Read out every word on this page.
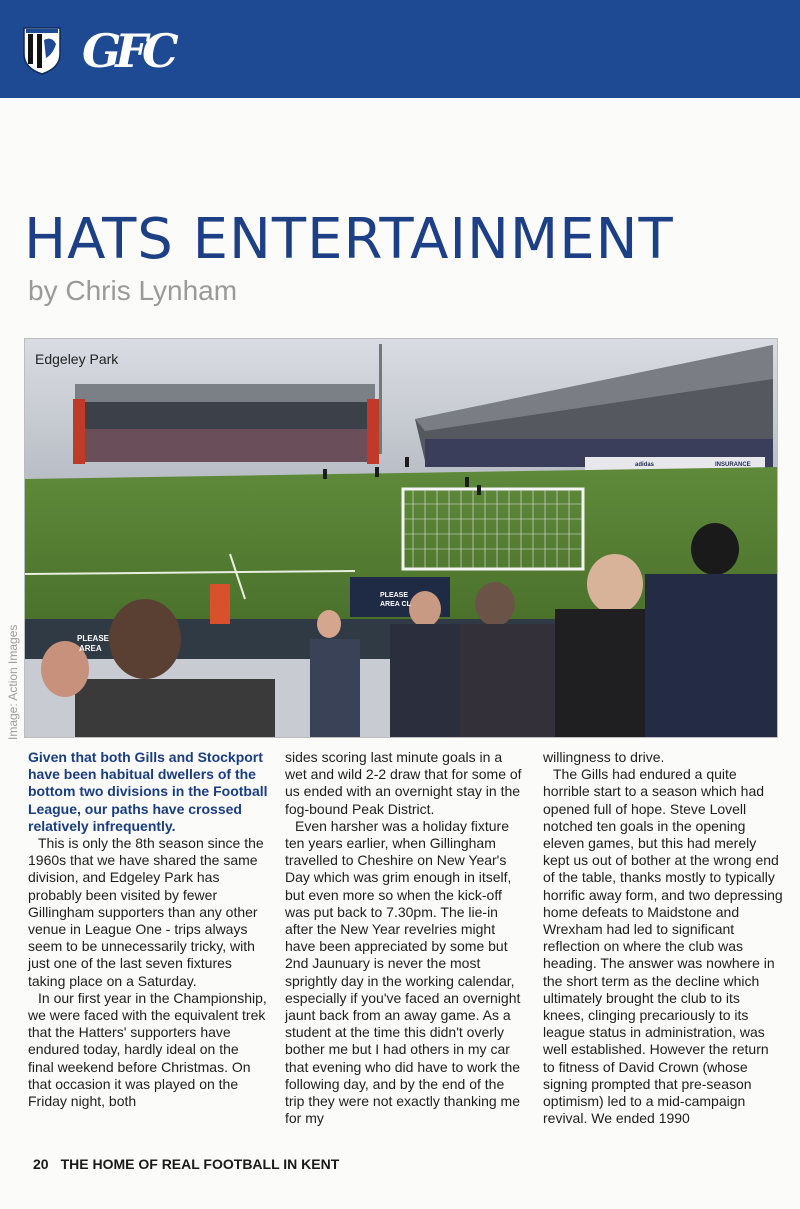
GFC
HATS ENTERTAINMENT
by Chris Lynham
PLEASE
AREA
PLEASE
AREA CL
INSURANCE
adidas
Edgeley Park
Image: Action Images

Given that both Gills and Stockport have been habitual dwellers of the bottom two divisions in the Football League, our paths have crossed relatively infrequently.

This is only the 8th season since the 1960s that we have shared the same division, and Edgeley Park has probably been visited by fewer Gillingham supporters than any other venue in League One - trips always seem to be unnecessarily tricky, with just one of the last seven fixtures taking place on a Saturday.

In our first year in the Championship, we were faced with the equivalent trek that the Hatters' supporters have endured today, hardly ideal on the final weekend before Christmas. On that occasion it was played on the Friday night, both

sides scoring last minute goals in a wet and wild 2-2 draw that for some of us ended with an overnight stay in the fog-bound Peak District.

Even harsher was a holiday fixture ten years earlier, when Gillingham travelled to Cheshire on New Year's Day which was grim enough in itself, but even more so when the kick-off was put back to 7.30pm. The lie-in after the New Year revelries might have been appreciated by some but 2nd Jaunuary is never the most sprightly day in the working calendar, especially if you've faced an overnight jaunt back from an away game. As a student at the time this didn't overly bother me but I had others in my car that evening who did have to work the following day, and by the end of the trip they were not exactly thanking me for my

willingness to drive.

The Gills had endured a quite horrible start to a season which had opened full of hope. Steve Lovell notched ten goals in the opening eleven games, but this had merely kept us out of bother at the wrong end of the table, thanks mostly to typically horrific away form, and two depressing home defeats to Maidstone and Wrexham had led to significant reflection on where the club was heading. The answer was nowhere in the short term as the decline which ultimately brought the club to its knees, clinging precariously to its league status in administration, was well established. However the return to fitness of David Crown (whose signing prompted that pre-season optimism) led to a mid-campaign revival. We ended 1990

20 THE HOME OF REAL FOOTBALL IN KENT
